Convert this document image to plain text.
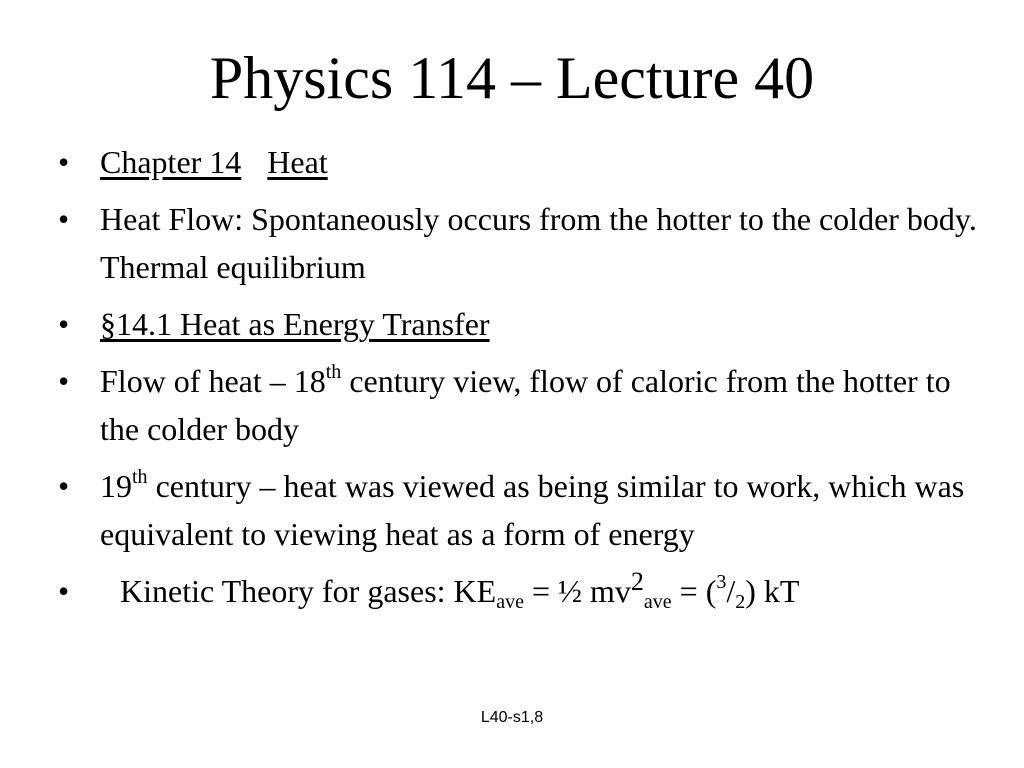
Physics 114 – Lecture 40
• Chapter 14 Heat
• Heat Flow: Spontaneously occurs from the hotter to the colder body. Thermal equilibrium
• §14.1 Heat as Energy Transfer
• Flow of heat – 18th century view, flow of caloric from the hotter to the colder body
• 19th century – heat was viewed as being similar to work, which was equivalent to viewing heat as a form of energy
•	Kinetic Theory for gases: $KE_{ave}$ = ½ $mv^2_{ave} = (^3/_2)$ kT
L40-s1,8
